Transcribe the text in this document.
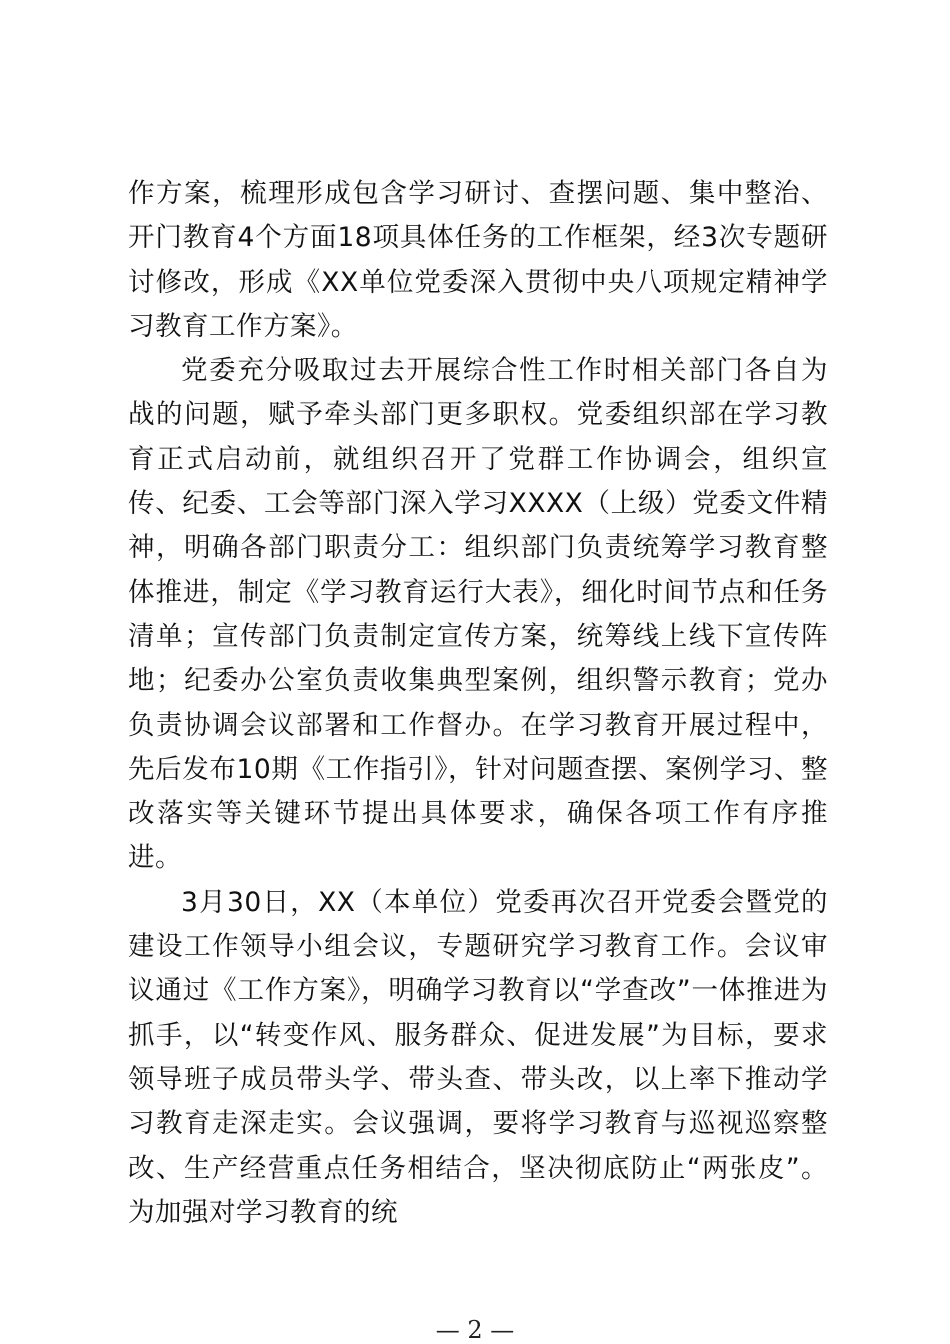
作方案，梳理形成包含学习研讨、查摆问题、集中整治、开门教育4个方面18项具体任务的工作框架，经3次专题研讨修改，形成《XX单位党委深入贯彻中央八项规定精神学习教育工作方案》。

党委充分吸取过去开展综合性工作时相关部门各自为战的问题，赋予牵头部门更多职权。党委组织部在学习教育正式启动前，就组织召开了党群工作协调会，组织宣传、纪委、工会等部门深入学习XXXX（上级）党委文件精神，明确各部门职责分工：组织部门负责统筹学习教育整体推进，制定《学习教育运行大表》，细化时间节点和任务清单；宣传部门负责制定宣传方案，统筹线上线下宣传阵地；纪委办公室负责收集典型案例，组织警示教育；党办负责协调会议部署和工作督办。在学习教育开展过程中，先后发布10期《工作指引》，针对问题查摆、案例学习、整改落实等关键环节提出具体要求，确保各项工作有序推进。

3月30日，XX（本单位）党委再次召开党委会暨党的建设工作领导小组会议，专题研究学习教育工作。会议审议通过《工作方案》，明确学习教育以“学查改”一体推进为抓手，以“转变作风、服务群众、促进发展”为目标，要求领导班子成员带头学、带头查、带头改，以上率下推动学习教育走深走实。会议强调，要将学习教育与巡视巡察整改、生产经营重点任务相结合，坚决彻底防止“两张皮”。为加强对学习教育的统

— 2 —
